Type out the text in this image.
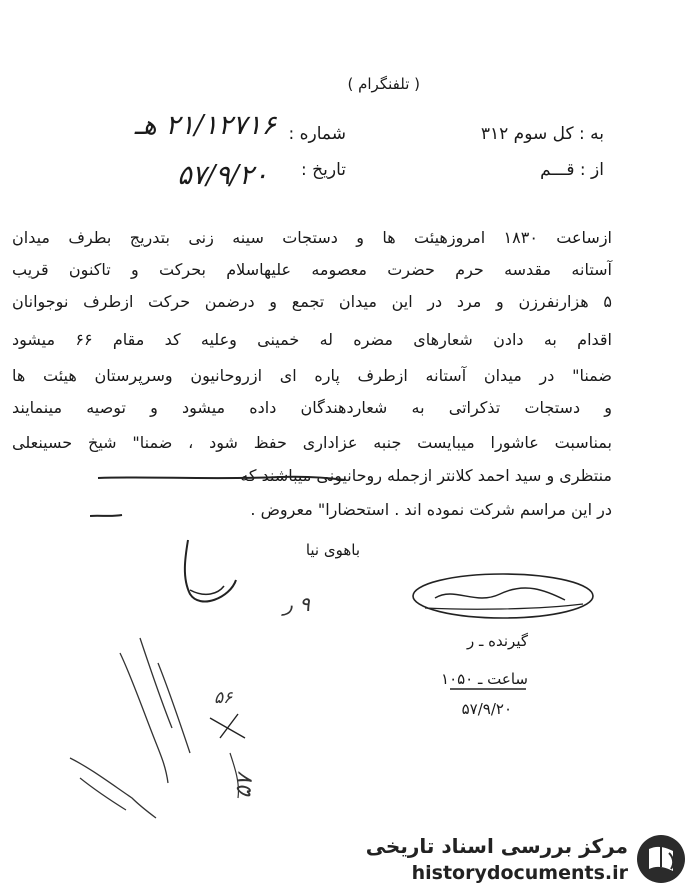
( تلفنگرام )
شماره :
۲۱/۱۲۷۱۶ هـ
تاریخ :
۵۷/۹/۲۰
به : کل سوم ۳۱۲
از : قـــم
ازساعت ۱۸۳۰ امروزهیئت ها و دستجات سینه زنی بتدریج بطرف میدان
آستانه مقدسه حرم حضرت معصومه علیهاسلام بحرکت و تاکنون قریب
۵ هزارنفرزن و مرد در این میدان تجمع و درضمن حرکت ازطرف نوجوانان
اقدام به دادن شعارهای مضره له خمینی وعلیه کد مقام ۶۶ میشود
ضمنا" در میدان آستانه ازطرف پاره ای ازروحانیون وسرپرستان هیئت ها
و دستجات تذکراتی به شعاردهندگان داده میشود و توصیه مینمایند
بمناسبت عاشورا میبایست جنبه عزاداری حفظ شود ، ضمنا" شیخ حسینعلی
منتظری و سید احمد کلانتر ازجمله روحانیونی میباشند که
در این مراسم شرکت نموده اند . استحضارا" معروض .
باهوی نیا
گیرنده ـ ر
ساعت ـ ۱۰۵۰
۵۷/۹/۲۰
۹ ر
۵۶
۵۷
مرکز بررسی اسناد تاریخی
historydocuments.ir
